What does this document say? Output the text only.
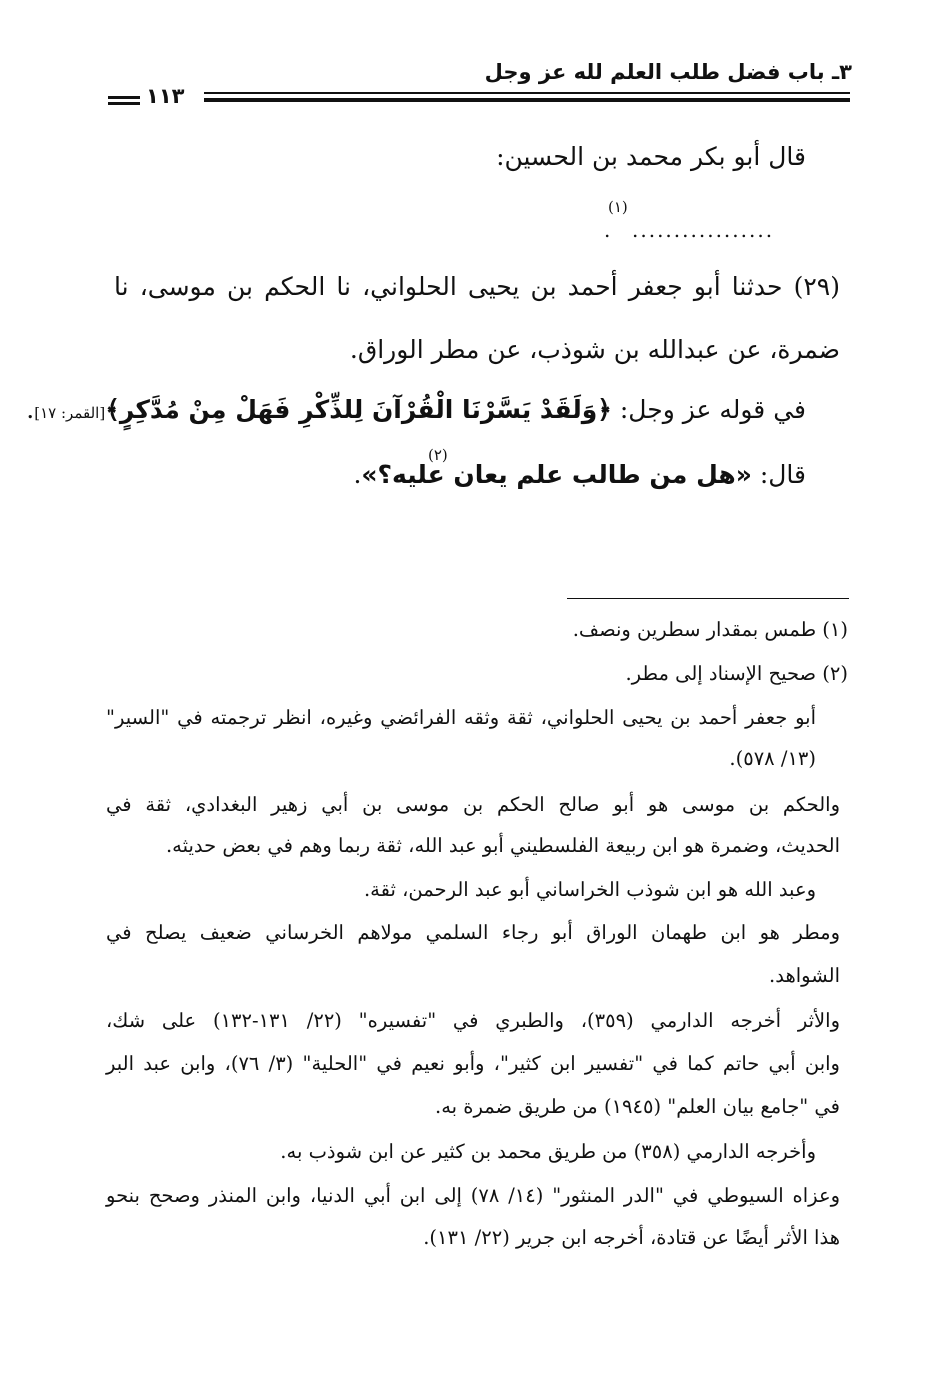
٣ـ باب فضل طلب العلم لله عز وجل
١١٣
قال أبو بكر محمد بن الحسين:
(١)
.................
.
(٢٩) حدثنا أبو جعفر أحمد بن يحيى الحلواني، نا الحكم بن موسى، نا
ضمرة، عن عبدالله بن شوذب، عن مطر الوراق.
في قوله عز وجل: ﴿وَلَقَدْ يَسَّرْنَا الْقُرْآنَ لِلذِّكْرِ فَهَلْ مِنْ مُدَّكِرٍ﴾[القمر: ١٧].
قال: «هل من طالب علم يعان عليه؟».
(٢)
(١) طمس بمقدار سطرين ونصف.
(٢) صحيح الإسناد إلى مطر.
أبو جعفر أحمد بن يحيى الحلواني، ثقة وثقه الفرائضي وغيره، انظر ترجمته في "السير"
(١٣/ ٥٧٨).
والحكم بن موسى هو أبو صالح الحكم بن موسى بن أبي زهير البغدادي، ثقة في
الحديث، وضمرة هو ابن ربيعة الفلسطيني أبو عبد الله، ثقة ربما وهم في بعض حديثه.
وعبد الله هو ابن شوذب الخراساني أبو عبد الرحمن، ثقة.
ومطر هو ابن طهمان الوراق أبو رجاء السلمي مولاهم الخرساني ضعيف يصلح في
الشواهد.
والأثر أخرجه الدارمي (٣٥٩)، والطبري في "تفسيره" (٢٢/ ١٣١-١٣٢) على شك،
وابن أبي حاتم كما في "تفسير ابن كثير"، وأبو نعيم في "الحلية" (٣/ ٧٦)، وابن عبد البر
في "جامع بيان العلم" (١٩٤٥) من طريق ضمرة به.
وأخرجه الدارمي (٣٥٨) من طريق محمد بن كثير عن ابن شوذب به.
وعزاه السيوطي في "الدر المنثور" (١٤/ ٧٨) إلى ابن أبي الدنيا، وابن المنذر وصحح بنحو
هذا الأثر أيضًا عن قتادة، أخرجه ابن جرير (٢٢/ ١٣١).
